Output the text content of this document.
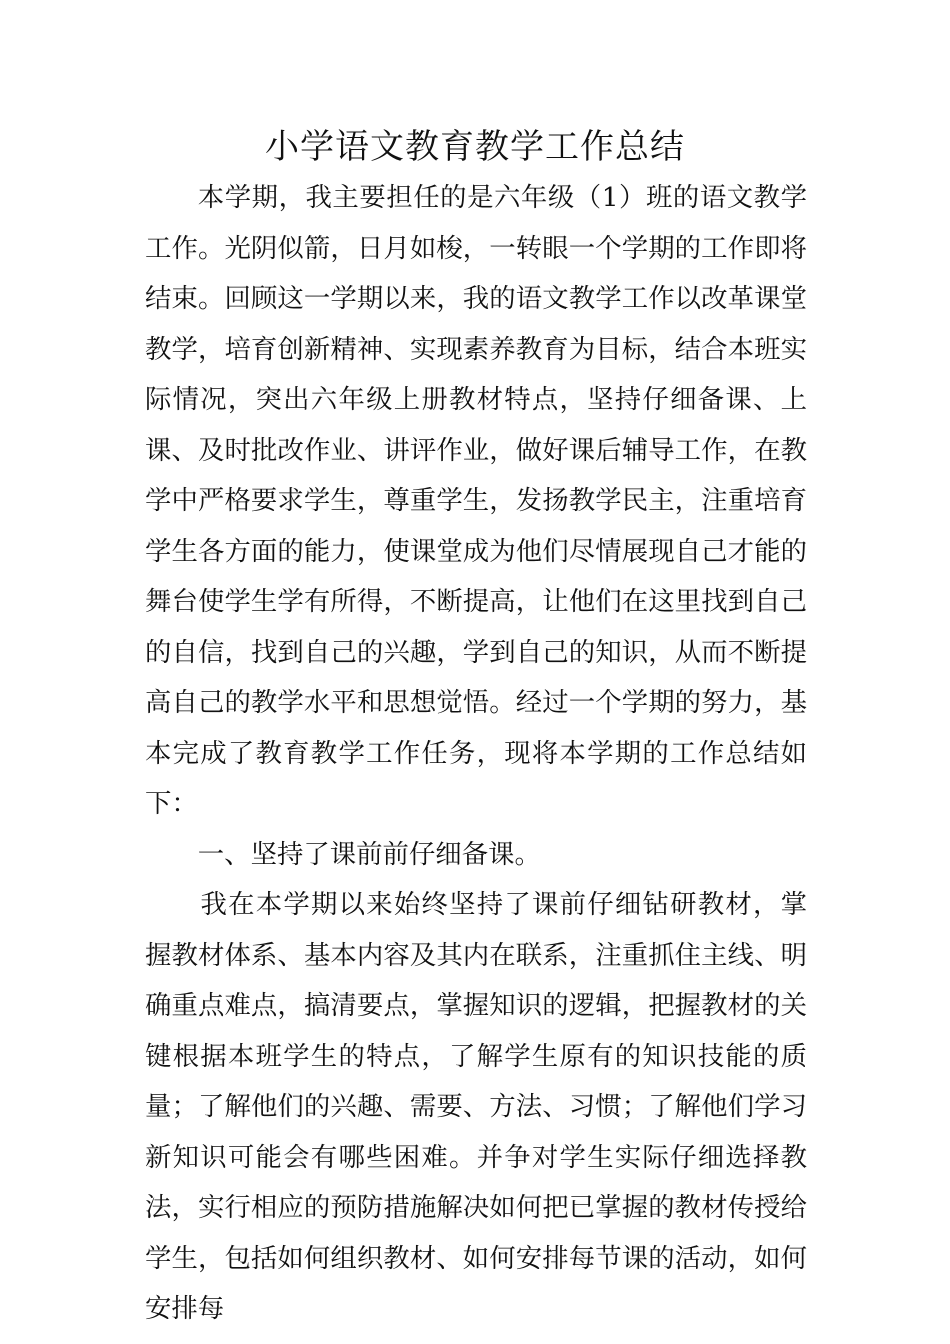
小学语文教育教学工作总结

本学期，我主要担任的是六年级（1）班的语文教学工作。光阴似箭，日月如梭，一转眼一个学期的工作即将结束。回顾这一学期以来，我的语文教学工作以改革课堂教学，培育创新精神、实现素养教育为目标，结合本班实际情况，突出六年级上册教材特点，坚持仔细备课、上课、及时批改作业、讲评作业，做好课后辅导工作，在教学中严格要求学生，尊重学生，发扬教学民主，注重培育学生各方面的能力，使课堂成为他们尽情展现自己才能的舞台使学生学有所得，不断提高，让他们在这里找到自己的自信，找到自己的兴趣，学到自己的知识，从而不断提高自己的教学水平和思想觉悟。经过一个学期的努力，基本完成了教育教学工作任务，现将本学期的工作总结如下：

一、坚持了课前前仔细备课。

我在本学期以来始终坚持了课前仔细钻研教材，掌握教材体系、基本内容及其内在联系，注重抓住主线、明确重点难点，搞清要点，掌握知识的逻辑，把握教材的关键根据本班学生的特点，了解学生原有的知识技能的质量；了解他们的兴趣、需要、方法、习惯；了解他们学习新知识可能会有哪些困难。并争对学生实际仔细选择教法，实行相应的预防措施解决如何把已掌握的教材传授给学生，包括如何组织教材、如何安排每节课的活动，如何安排每
